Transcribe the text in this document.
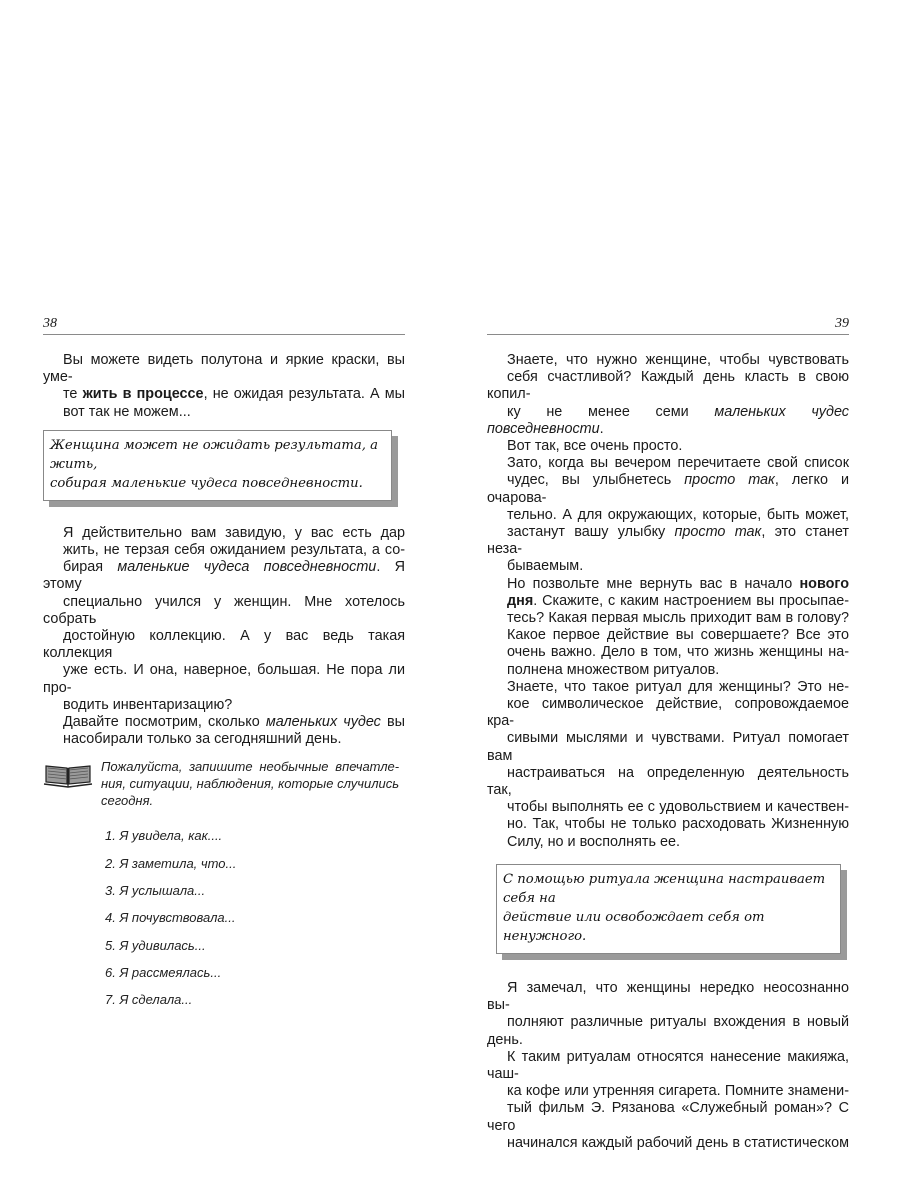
38

Вы можете видеть полутона и яркие краски, вы уме-
те жить в процессе, не ожидая результата. А мы
вот так не можем...

Женщина может не ожидать результата, а жить,
собирая маленькие чудеса повседневности.

Я действительно вам завидую, у вас есть дар
жить, не терзая себя ожиданием результата, а со-
бирая маленькие чудеса повседневности. Я этому
специально учился у женщин. Мне хотелось собрать
достойную коллекцию. А у вас ведь такая коллекция
уже есть. И она, наверное, большая. Не пора ли про-
водить инвентаризацию?

Давайте посмотрим, сколько маленьких чудес вы
насобирали только за сегодняшний день.

Пожалуйста, запишите необычные впечатле-
ния, ситуации, наблюдения, которые случились
сегодня.
1. Я увидела, как....
2. Я заметила, что...
3. Я услышала...
4. Я почувствовала...
5. Я удивилась...
6. Я рассмеялась...
7. Я сделала...
39

Знаете, что нужно женщине, чтобы чувствовать
себя счастливой? Каждый день класть в свою копил-
ку не менее семи маленьких чудес повседневности.
Вот так, все очень просто.

Зато, когда вы вечером перечитаете свой список
чудес, вы улыбнетесь просто так, легко и очарова-
тельно. А для окружающих, которые, быть может,
застанут вашу улыбку просто так, это станет неза-
бываемым.

Но позвольте мне вернуть вас в начало нового
дня. Скажите, с каким настроением вы просыпае-
тесь? Какая первая мысль приходит вам в голову?
Какое первое действие вы совершаете? Все это
очень важно. Дело в том, что жизнь женщины на-
полнена множеством ритуалов.

Знаете, что такое ритуал для женщины? Это не-
кое символическое действие, сопровождаемое кра-
сивыми мыслями и чувствами. Ритуал помогает вам
настраиваться на определенную деятельность так,
чтобы выполнять ее с удовольствием и качествен-
но. Так, чтобы не только расходовать Жизненную
Силу, но и восполнять ее.

С помощью ритуала женщина настраивает себя на
действие или освобождает себя от ненужного.

Я замечал, что женщины нередко неосознанно вы-
полняют различные ритуалы вхождения в новый день.
К таким ритуалам относятся нанесение макияжа, чаш-
ка кофе или утренняя сигарета. Помните знамени-
тый фильм Э. Рязанова «Служебный роман»? С чего
начинался каждый рабочий день в статистическом
